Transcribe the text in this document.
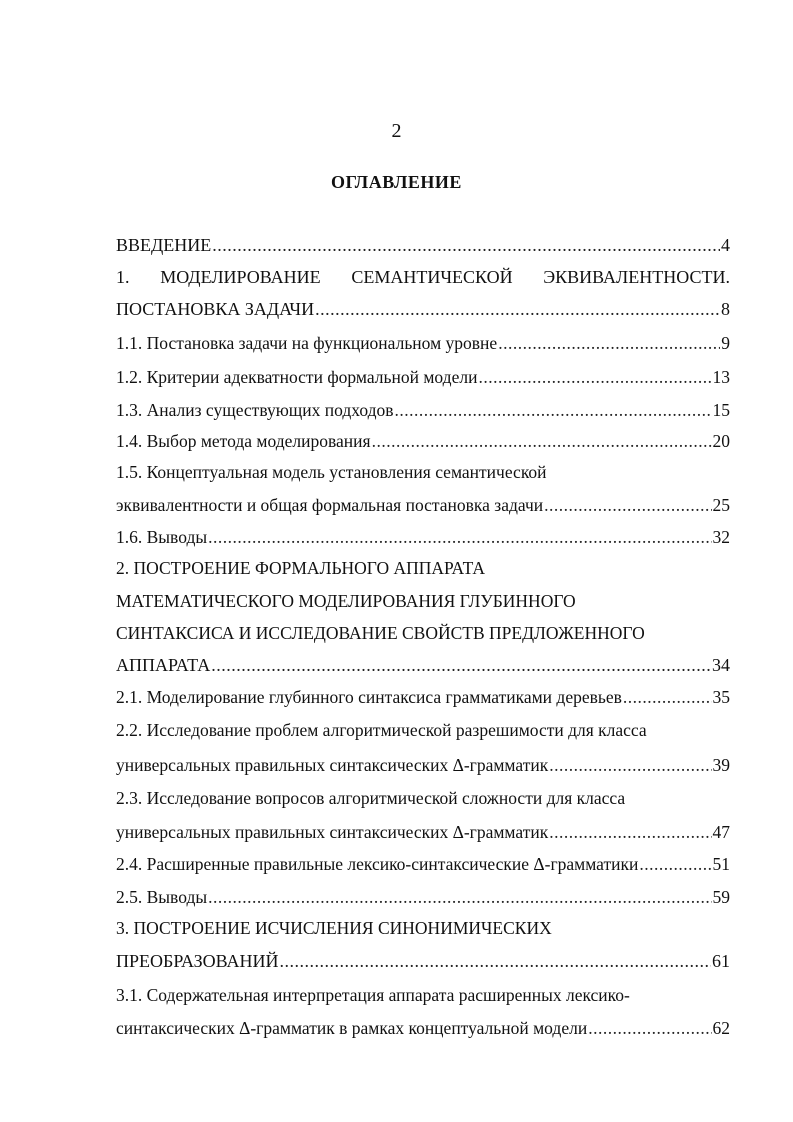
2
ОГЛАВЛЕНИЕ
ВВЕДЕНИЕ .....	4
1. МОДЕЛИРОВАНИЕ СЕМАНТИЧЕСКОЙ ЭКВИВАЛЕНТНОСТИ.
ПОСТАНОВКА ЗАДАЧИ .....	8
1.1. Постановка задачи на функциональном уровне .....	9
1.2. Критерии адекватности формальной модели .....	13
1.3. Анализ существующих подходов .....	15
1.4. Выбор метода моделирования .....	20
1.5. Концептуальная модель установления семантической
эквивалентности и общая формальная постановка задачи .....	25
1.6. Выводы .....	32
2. ПОСТРОЕНИЕ ФОРМАЛЬНОГО АППАРАТА
МАТЕМАТИЧЕСКОГО МОДЕЛИРОВАНИЯ ГЛУБИННОГО
СИНТАКСИСА И ИССЛЕДОВАНИЕ СВОЙСТВ ПРЕДЛОЖЕННОГО
АППАРАТА .....	34
2.1. Моделирование глубинного синтаксиса грамматиками деревьев .....	35
2.2. Исследование проблем алгоритмической разрешимости для класса
универсальных правильных синтаксических Δ-грамматик .....	39
2.3. Исследование вопросов алгоритмической сложности для класса
универсальных правильных синтаксических Δ-грамматик .....	47
2.4. Расширенные правильные лексико-синтаксические Δ-грамматики .....	51
2.5. Выводы .....	59
3. ПОСТРОЕНИЕ ИСЧИСЛЕНИЯ СИНОНИМИЧЕСКИХ
ПРЕОБРАЗОВАНИЙ .....	61
3.1. Содержательная интерпретация аппарата расширенных лексико-
синтаксических Δ-грамматик в рамках концептуальной модели .....	62
